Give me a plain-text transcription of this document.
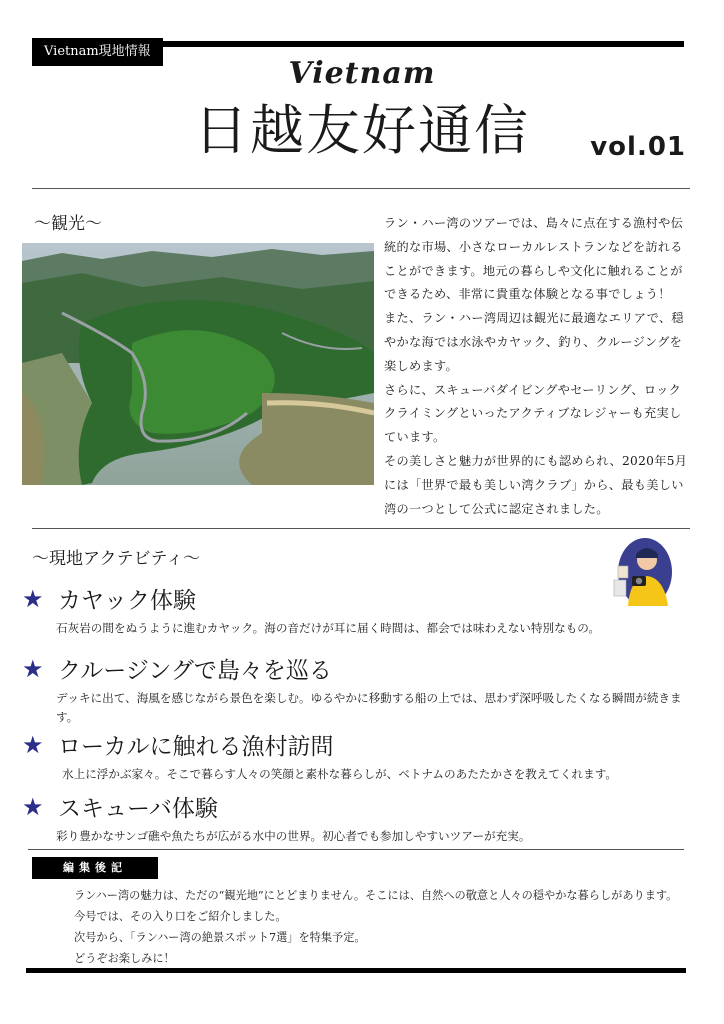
Vietnam現地情報
Vietnam
日越友好通信	vol.01
～観光～	ラン・ハー湾のツアーでは、島々に点在する漁村や伝統的な市場、小さなローカルレストランなどを訪れることができます。地元の暮らしや文化に触れることができるため、非常に貴重な体験となる事でしょう！

また、ラン・ハー湾周辺は観光に最適なエリアで、穏やかな海では水泳やカヤック、釣り、クルージングを楽しめます。

さらに、スキューバダイビングやセーリング、ロッククライミングといったアクティブなレジャーも充実しています。

その美しさと魅力が世界的にも認められ、2020年5月には「世界で最も美しい湾クラブ」から、最も美しい湾の一つとして公式に認定されました。

～現地アクテビティ～
★ カヤック体験
石灰岩の間をぬうように進むカヤック。海の音だけが耳に届く時間は、都会では味わえない特別なもの。
★ クルージングで島々を巡る
デッキに出て、海風を感じながら景色を楽しむ。ゆるやかに移動する船の上では、思わず深呼吸したくなる瞬間が続きます。
★ ローカルに触れる漁村訪問
水上に浮かぶ家々。そこで暮らす人々の笑顔と素朴な暮らしが、ベトナムのあたたかさを教えてくれます。
★ スキューバ体験
彩り豊かなサンゴ礁や魚たちが広がる水中の世界。初心者でも参加しやすいツアーが充実。
編集後記

ランハー湾の魅力は、ただの“観光地”にとどまりません。そこには、自然への敬意と人々の穏やかな暮らしがあります。

今号では、その入り口をご紹介しました。

次号から、「ランハー湾の絶景スポット7選」を特集予定。

どうぞお楽しみに！
